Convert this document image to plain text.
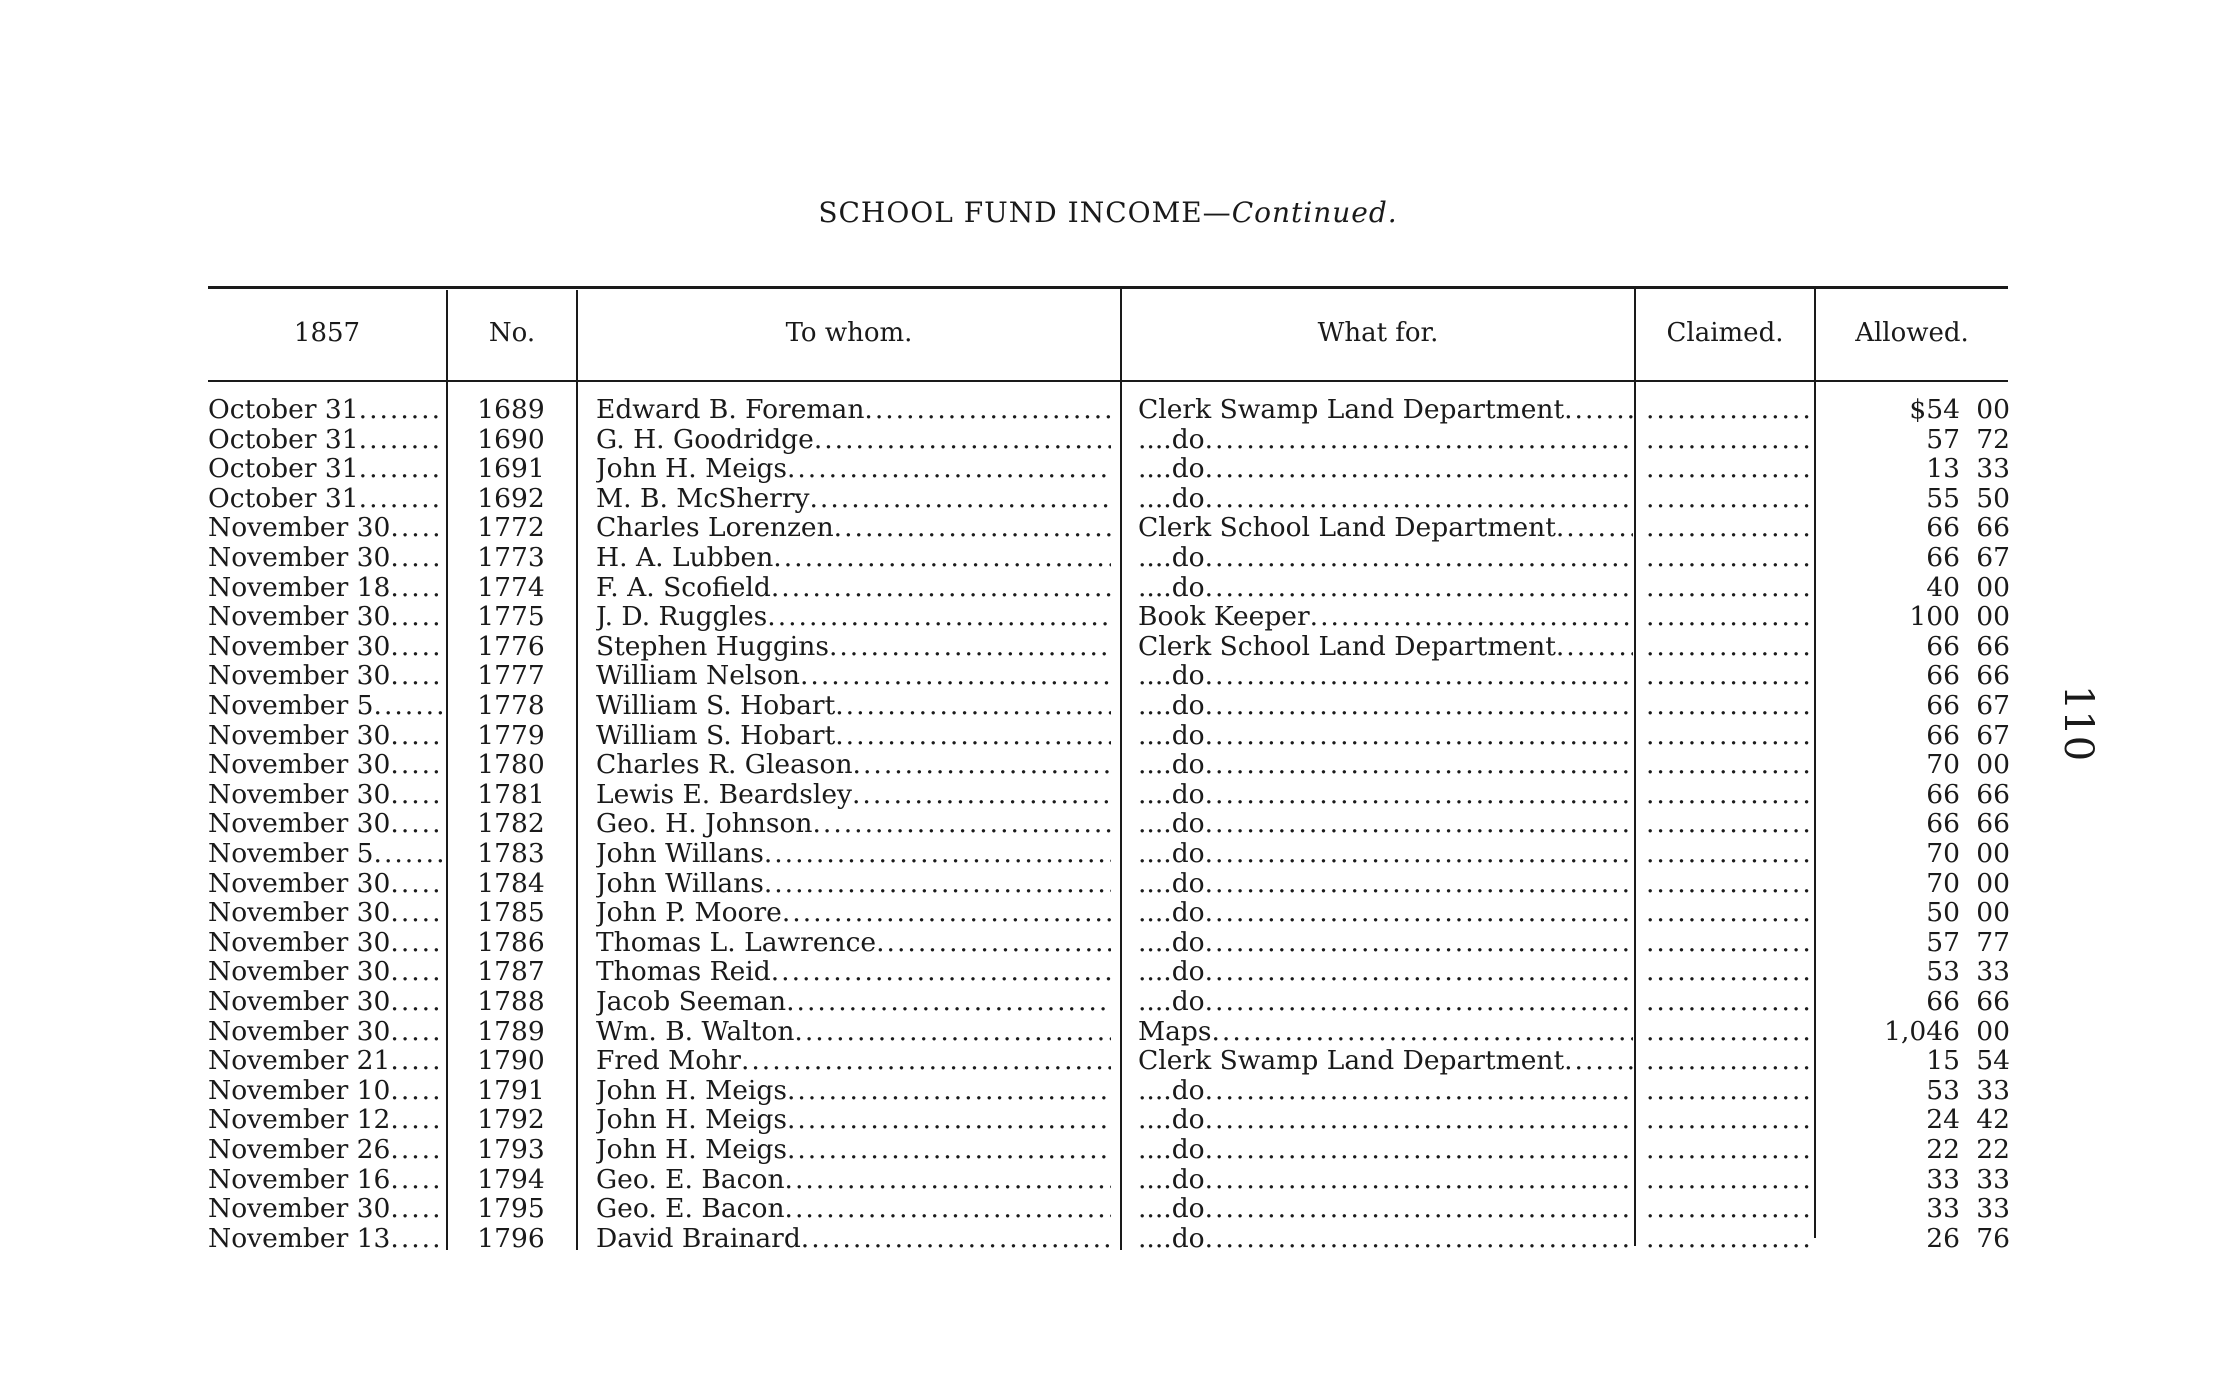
SCHOOL FUND INCOME—Continued.
1857	No.	To whom.	What for.	Claimed.	Allowed.
October 31 .....	1689	Edward B. Foreman .....	Clerk Swamp Land Department ..... .....	$54 00
October 31 .....	1690	G. H. Goodridge .....	....do ..... .....	57 72
October 31 .....	1691	John H. Meigs .....	....do ..... .....	13 33
October 31 .....	1692	M. B. McSherry .....	....do ..... .....	55 50
November 30 .....	1772	Charles Lorenzen .....	Clerk School Land Department ..... .....	66 66
November 30 .....	1773	H. A. Lubben .....	....do ..... .....	66 67
November 18 .....	1774	F. A. Scofield .....	....do ..... .....	40 00
November 30 .....	1775	J. D. Ruggles .....	Book Keeper ..... .....	100 00
November 30 .....	1776	Stephen Huggins .....	Clerk School Land Department ..... .....	66 66
November 30 .....	1777	William Nelson .....	....do ..... .....	66 66
November 5 .....	1778	William S. Hobart .....	....do ..... .....	66 67
November 30 .....	1779	William S. Hobart .....	....do ..... .....	66 67
November 30 .....	1780	Charles R. Gleason .....	....do ..... .....	70 00
November 30 .....	1781	Lewis E. Beardsley .....	....do ..... .....	66 66
November 30 .....	1782	Geo. H. Johnson .....	....do ..... .....	66 66
November 5 .....	1783	John Willans .....	....do ..... .....	70 00
November 30 .....	1784	John Willans .....	....do ..... .....	70 00
November 30 .....	1785	John P. Moore .....	....do ..... .....	50 00
November 30 .....	1786	Thomas L. Lawrence .....	....do ..... .....	57 77
November 30 .....	1787	Thomas Reid .....	....do ..... .....	53 33
November 30 .....	1788	Jacob Seeman .....	....do ..... .....	66 66
November 30 .....	1789	Wm. B. Walton .....	Maps ..... .....	1,046 00
November 21 .....	1790	Fred Mohr .....	Clerk Swamp Land Department ..... .....	15 54
November 10 .....	1791	John H. Meigs .....	....do ..... .....	53 33
November 12 .....	1792	John H. Meigs .....	....do ..... .....	24 42
November 26 .....	1793	John H. Meigs .....	....do ..... .....	22 22
November 16 .....	1794	Geo. E. Bacon .....	....do ..... .....	33 33
November 30 .....	1795	Geo. E. Bacon .....	....do ..... .....	33 33
November 13 .....	1796	David Brainard .....	....do ..... .....	26 76
110
